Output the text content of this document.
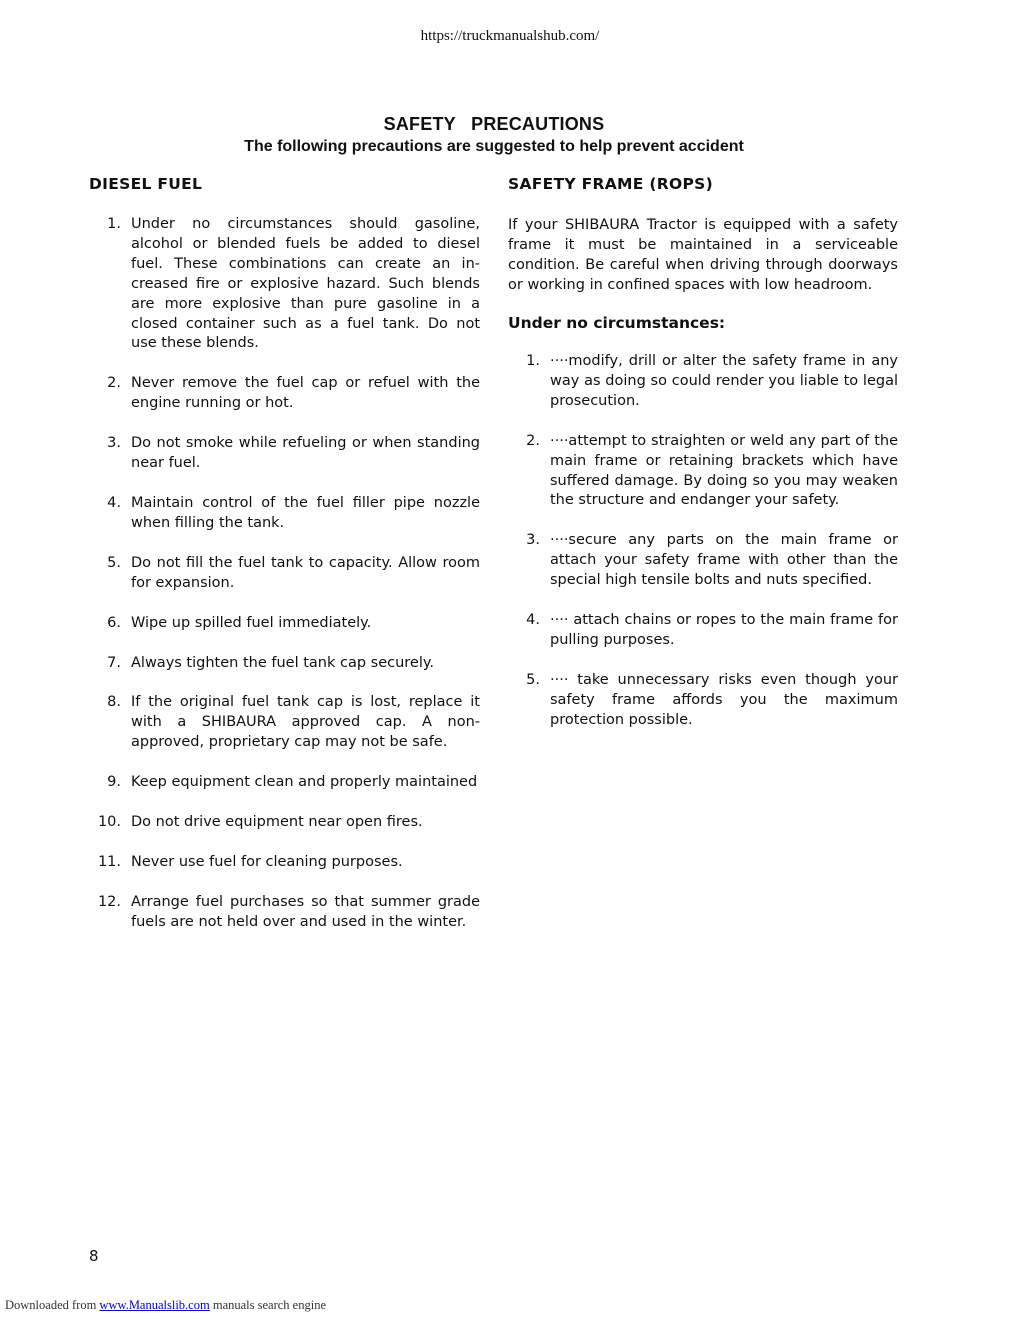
https://truckmanualshub.com/
SAFETY   PRECAUTIONS
The following precautions are suggested to help prevent accident
DIESEL FUEL
1. Under no circumstances should gasoline, alcohol or blended fuels be added to diesel fuel. These combinations can create an increased fire or explosive hazard. Such blends are more explosive than pure gasoline in a closed container such as a fuel tank. Do not use these blends.
2. Never remove the fuel cap or refuel with the engine running or hot.
3. Do not smoke while refueling or when standing near fuel.
4. Maintain control of the fuel filler pipe nozzle when filling the tank.
5. Do not fill the fuel tank to capacity. Allow room for expansion.
6. Wipe up spilled fuel immediately.
7. Always tighten the fuel tank cap securely.
8. If the original fuel tank cap is lost, replace it with a SHIBAURA approved cap. A non-approved, proprietary cap may not be safe.
9. Keep equipment clean and properly maintained
10. Do not drive equipment near open fires.
11. Never use fuel for cleaning purposes.
12. Arrange fuel purchases so that summer grade fuels are not held over and used in the winter.
SAFETY FRAME (ROPS)

If your SHIBAURA Tractor is equipped with a safety frame it must be maintained in a serviceable condition. Be careful when driving through doorways or working in confined spaces with low headroom.

Under no circumstances:
1. ····modify, drill or alter the safety frame in any way as doing so could render you liable to legal prosecution.
2. ····attempt to straighten or weld any part of the main frame or retaining brackets which have suffered damage. By doing so you may weaken the structure and endanger your safety.
3. ····secure any parts on the main frame or attach your safety frame with other than the special high tensile bolts and nuts specified.
4. ···· attach chains or ropes to the main frame for pulling purposes.
5. ···· take unnecessary risks even though your safety frame affords you the maximum protection possible.
8
Downloaded from www.Manualslib.com manuals search engine
